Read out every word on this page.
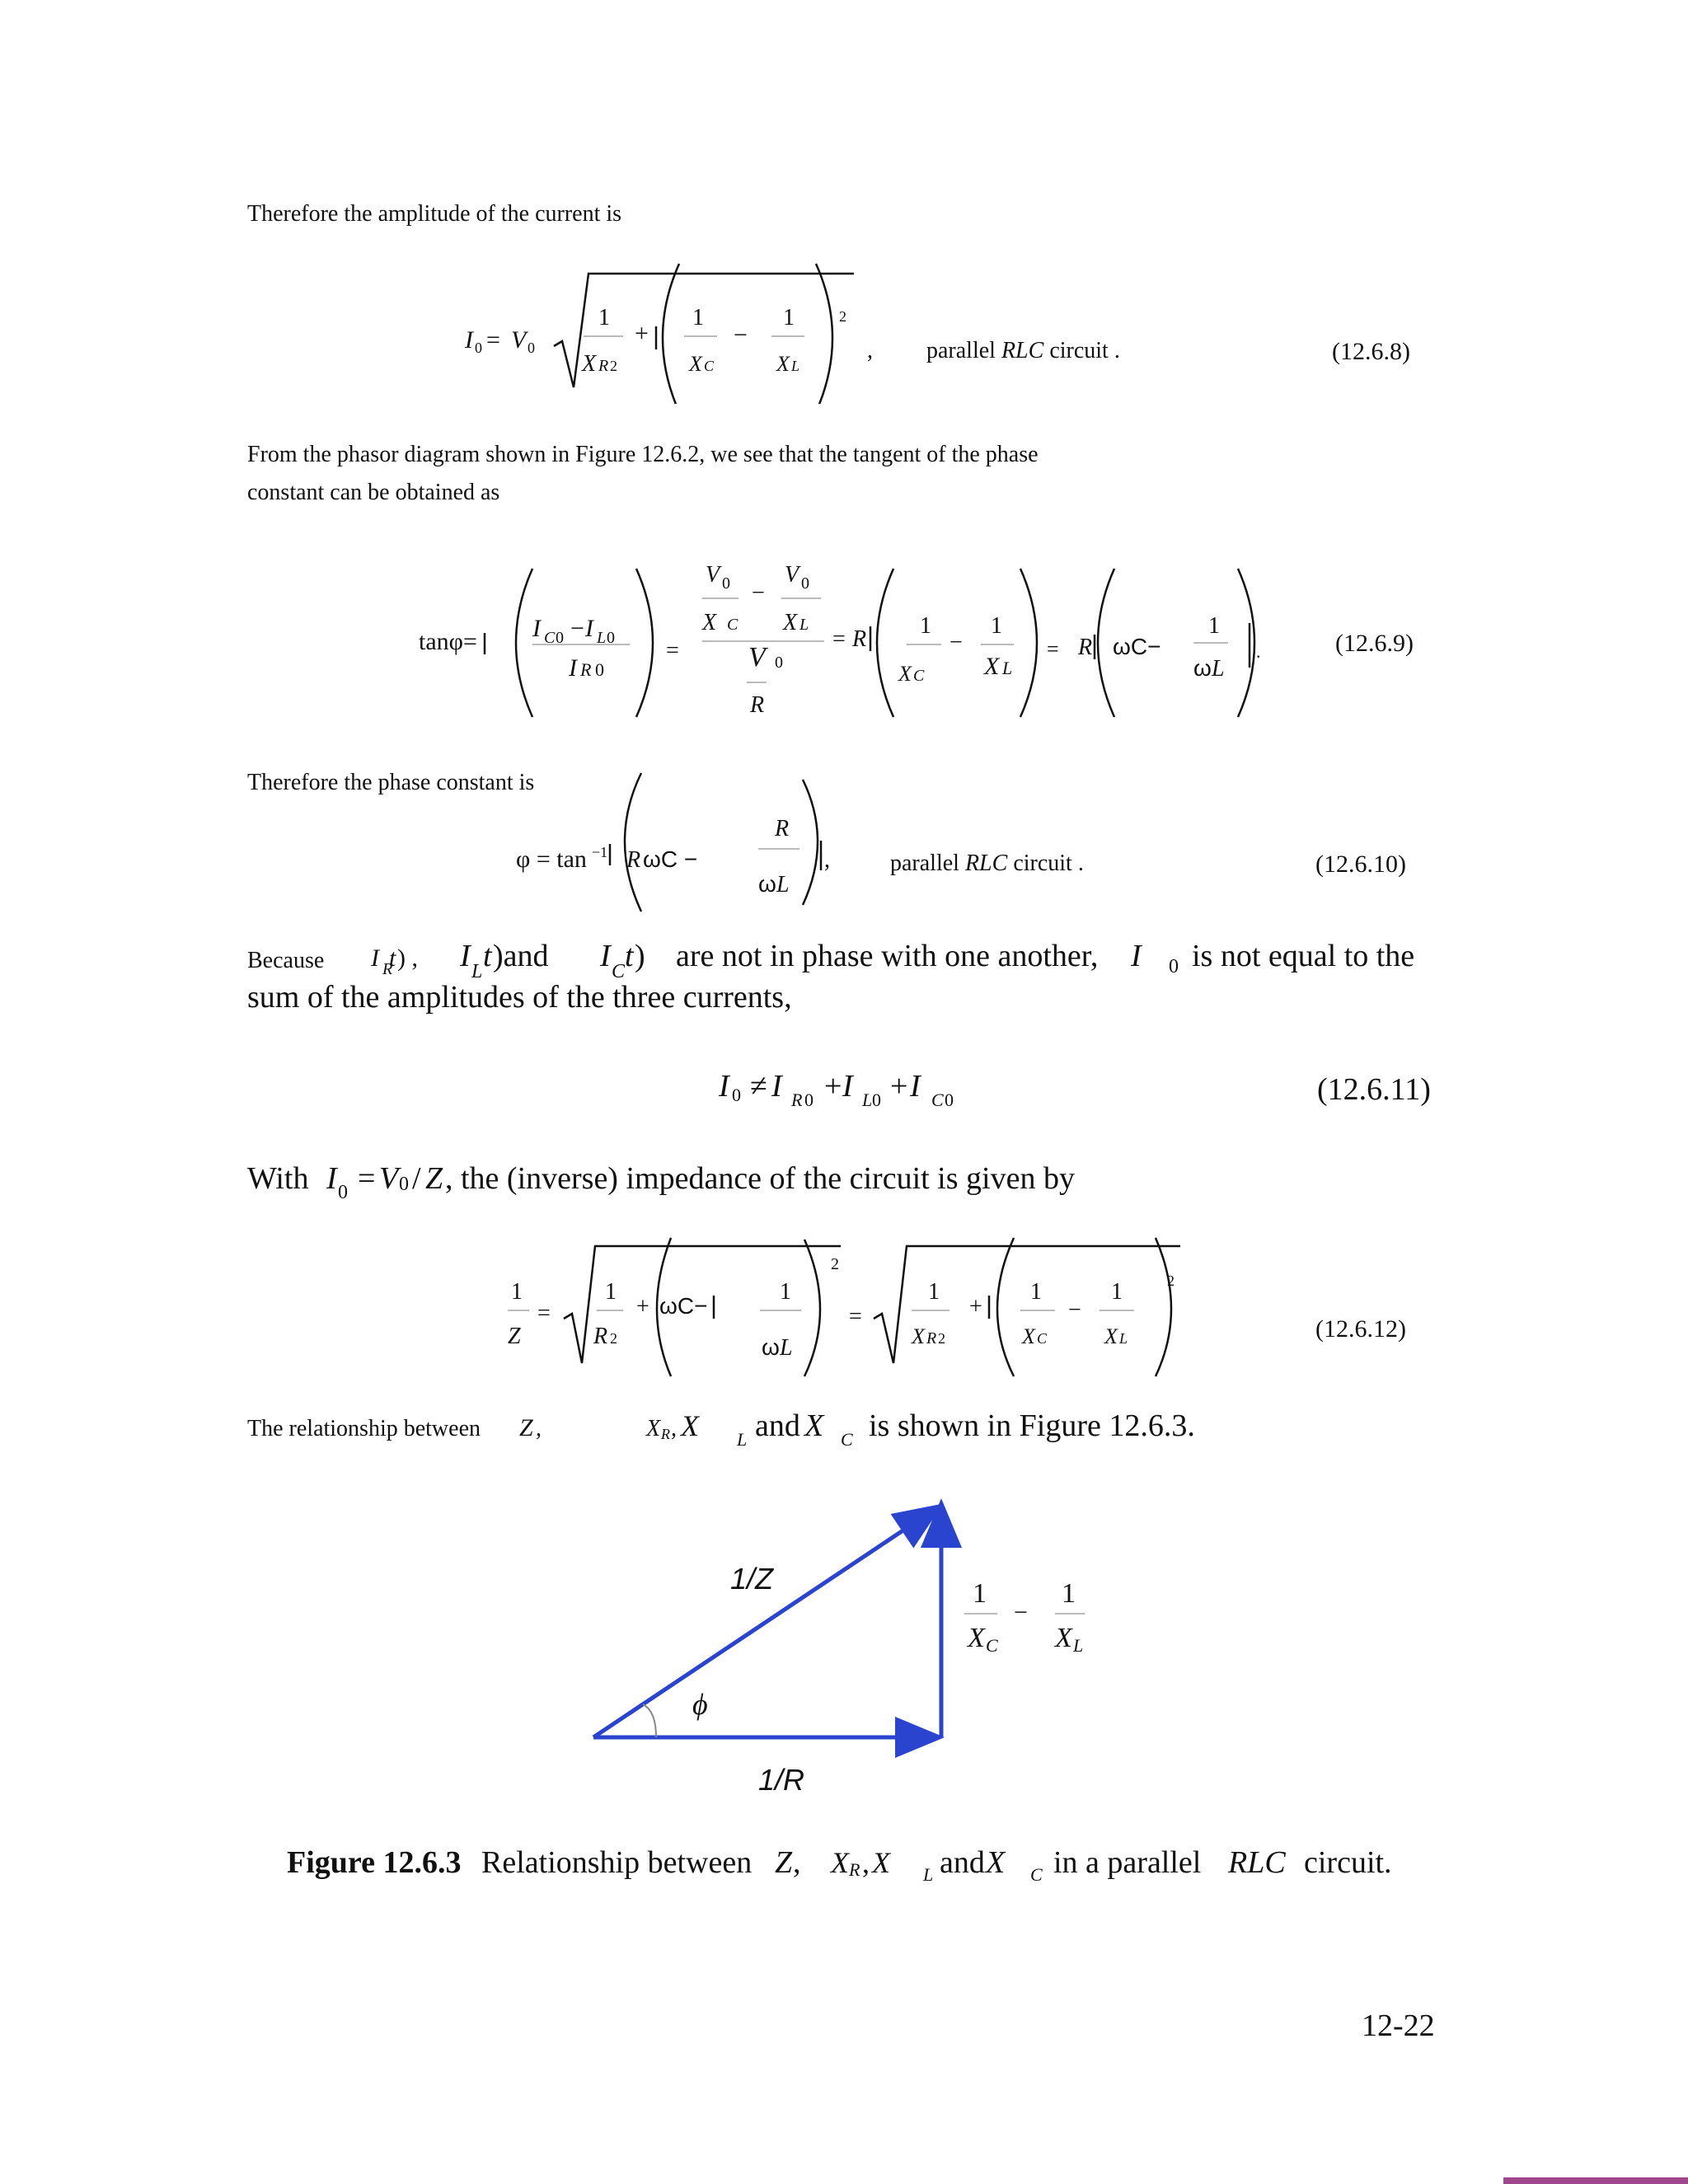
Therefore the amplitude of the current is
I 0 = V 0
1
X R 2
+
1
X C
−
1
X L
2
, parallel RLC circuit .	(12.6.8)
From the phasor diagram shown in Figure 12.6.2, we see that the tangent of the phase
constant can be obtained as
tanφ= I C 0 − I L 0
I R 0
=
V 0 −
V 0
X C X L
V 0
R
= R
1
X C
−
1
X L
= R ωC−
1
ω L
.	(12.6.9)
Therefore the phase constant is
φ = tan −1 R ωC −
R
ω L
,	parallel RLC circuit .	(12.6.10)
Because I R
t ) , I L t )and I C t ) are not in phase with one another, I 0 is not equal to the
sum of the amplitudes of the three currents,
I 0 ≠ I R 0 + I L 0 + I C 0	(12.6.11)
With I 0 = V 0 / Z , the (inverse) impedance of the circuit is given by
1
Z
=
1
R 2
+ ωC−
1
ω L
2
=
1
X R 2
+
1
X C
−
1
X L
2
(12.6.12)
The relationship between Z ,	X R , X L and X C is shown in Figure 12.6.3.
1/Z
ϕ
1/R
1
X C
−
1
X L
Figure 12.6.3 Relationship between Z , X R , X L and X C in a parallel RLC circuit.
12-22
